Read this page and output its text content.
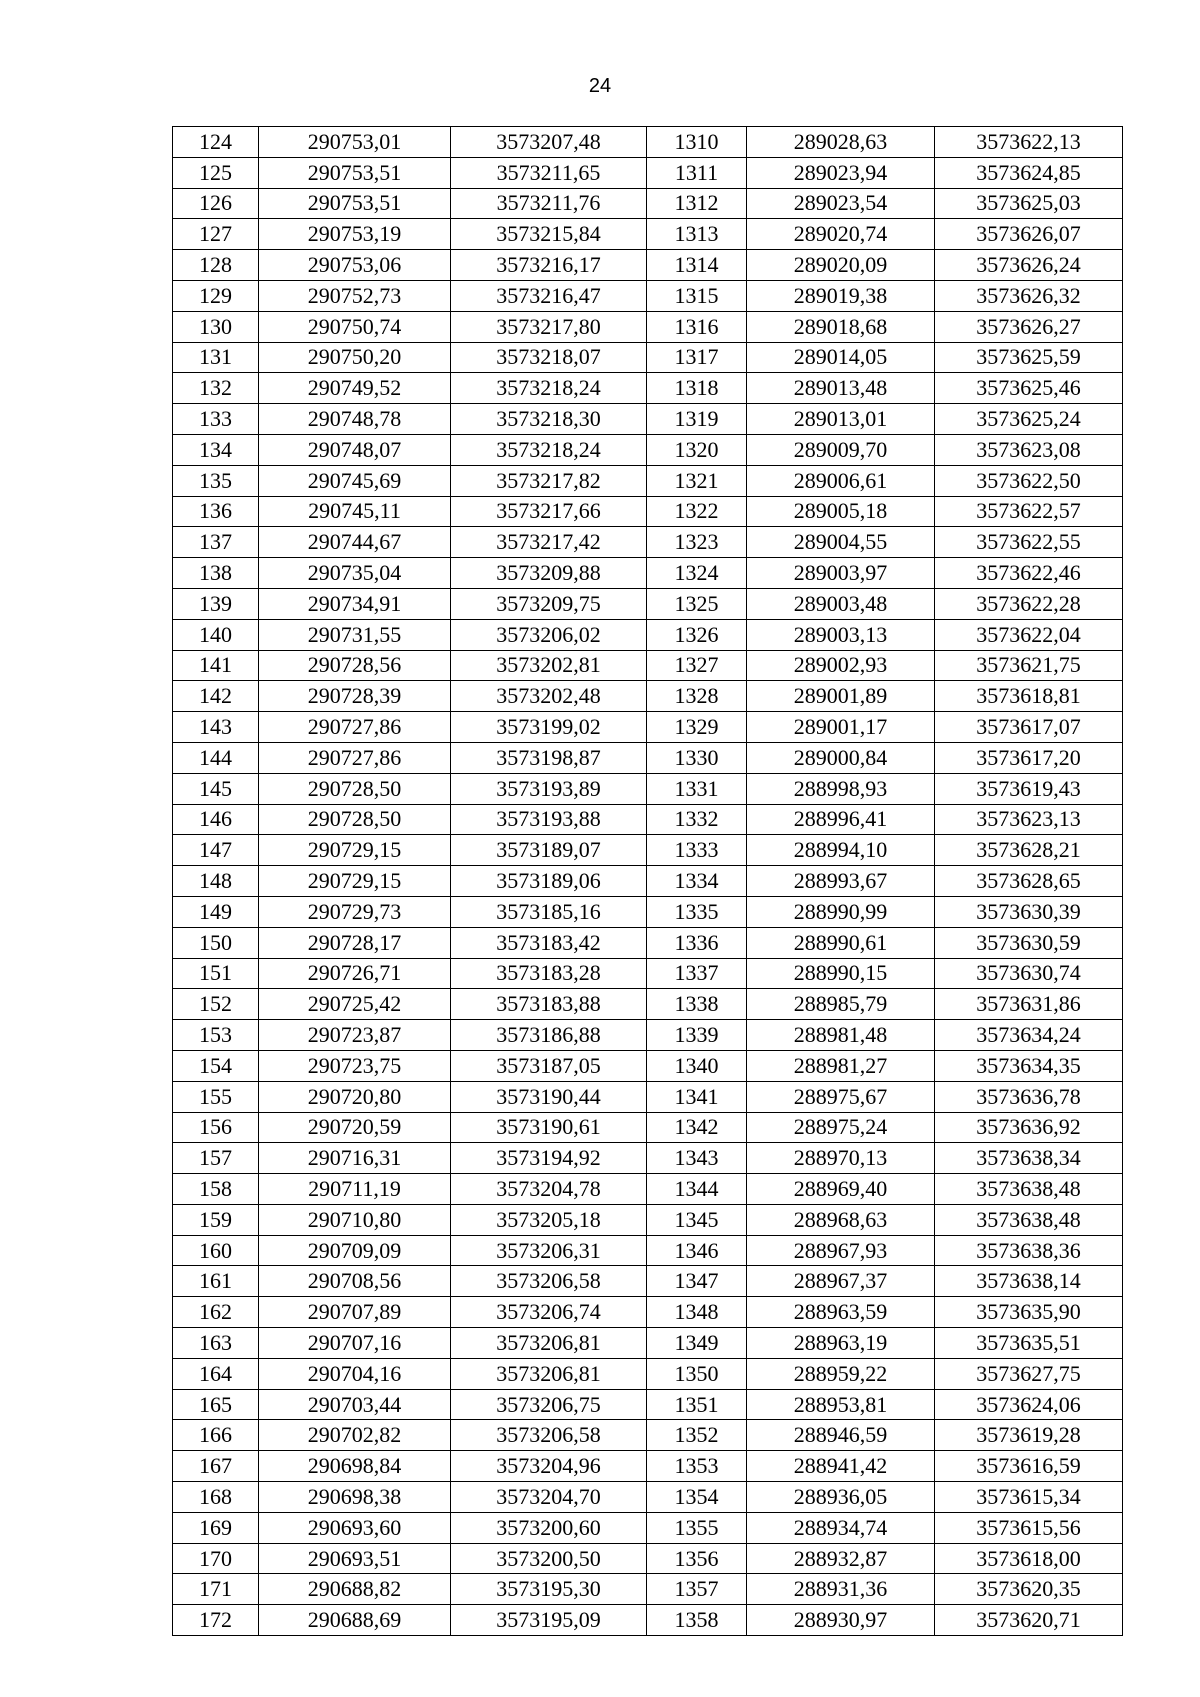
24
124	290753,01	3573207,48	1310	289028,63	3573622,13
125	290753,51	3573211,65	1311	289023,94	3573624,85
126	290753,51	3573211,76	1312	289023,54	3573625,03
127	290753,19	3573215,84	1313	289020,74	3573626,07
128	290753,06	3573216,17	1314	289020,09	3573626,24
129	290752,73	3573216,47	1315	289019,38	3573626,32
130	290750,74	3573217,80	1316	289018,68	3573626,27
131	290750,20	3573218,07	1317	289014,05	3573625,59
132	290749,52	3573218,24	1318	289013,48	3573625,46
133	290748,78	3573218,30	1319	289013,01	3573625,24
134	290748,07	3573218,24	1320	289009,70	3573623,08
135	290745,69	3573217,82	1321	289006,61	3573622,50
136	290745,11	3573217,66	1322	289005,18	3573622,57
137	290744,67	3573217,42	1323	289004,55	3573622,55
138	290735,04	3573209,88	1324	289003,97	3573622,46
139	290734,91	3573209,75	1325	289003,48	3573622,28
140	290731,55	3573206,02	1326	289003,13	3573622,04
141	290728,56	3573202,81	1327	289002,93	3573621,75
142	290728,39	3573202,48	1328	289001,89	3573618,81
143	290727,86	3573199,02	1329	289001,17	3573617,07
144	290727,86	3573198,87	1330	289000,84	3573617,20
145	290728,50	3573193,89	1331	288998,93	3573619,43
146	290728,50	3573193,88	1332	288996,41	3573623,13
147	290729,15	3573189,07	1333	288994,10	3573628,21
148	290729,15	3573189,06	1334	288993,67	3573628,65
149	290729,73	3573185,16	1335	288990,99	3573630,39
150	290728,17	3573183,42	1336	288990,61	3573630,59
151	290726,71	3573183,28	1337	288990,15	3573630,74
152	290725,42	3573183,88	1338	288985,79	3573631,86
153	290723,87	3573186,88	1339	288981,48	3573634,24
154	290723,75	3573187,05	1340	288981,27	3573634,35
155	290720,80	3573190,44	1341	288975,67	3573636,78
156	290720,59	3573190,61	1342	288975,24	3573636,92
157	290716,31	3573194,92	1343	288970,13	3573638,34
158	290711,19	3573204,78	1344	288969,40	3573638,48
159	290710,80	3573205,18	1345	288968,63	3573638,48
160	290709,09	3573206,31	1346	288967,93	3573638,36
161	290708,56	3573206,58	1347	288967,37	3573638,14
162	290707,89	3573206,74	1348	288963,59	3573635,90
163	290707,16	3573206,81	1349	288963,19	3573635,51
164	290704,16	3573206,81	1350	288959,22	3573627,75
165	290703,44	3573206,75	1351	288953,81	3573624,06
166	290702,82	3573206,58	1352	288946,59	3573619,28
167	290698,84	3573204,96	1353	288941,42	3573616,59
168	290698,38	3573204,70	1354	288936,05	3573615,34
169	290693,60	3573200,60	1355	288934,74	3573615,56
170	290693,51	3573200,50	1356	288932,87	3573618,00
171	290688,82	3573195,30	1357	288931,36	3573620,35
172	290688,69	3573195,09	1358	288930,97	3573620,71
